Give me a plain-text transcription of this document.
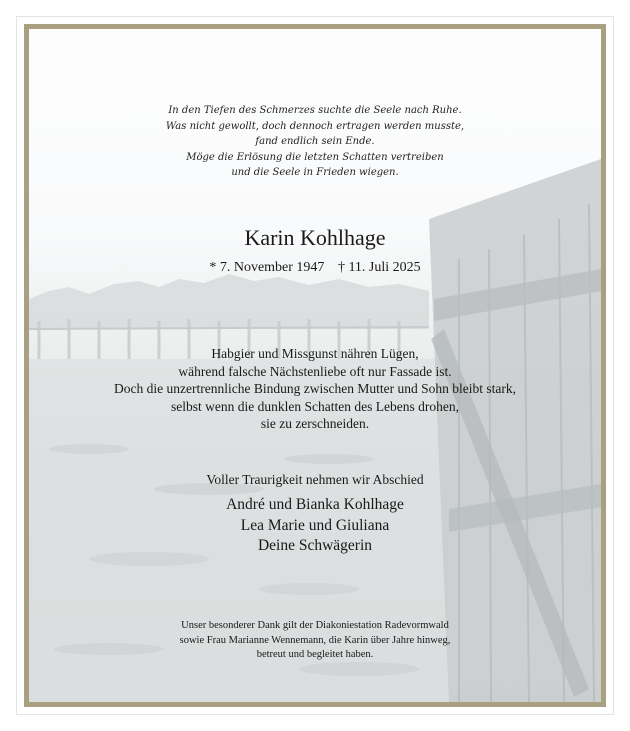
In den Tiefen des Schmerzes suchte die Seele nach Ruhe.
Was nicht gewollt, doch dennoch ertragen werden musste,
fand endlich sein Ende.
Möge die Erlösung die letzten Schatten vertreiben
und die Seele in Frieden wiegen.
Karin Kohlhage
* 7. November 1947 † 11. Juli 2025
Habgier und Missgunst nähren Lügen,
während falsche Nächstenliebe oft nur Fassade ist.
Doch die unzertrennliche Bindung zwischen Mutter und Sohn bleibt stark,
selbst wenn die dunklen Schatten des Lebens drohen,
sie zu zerschneiden.
Voller Traurigkeit nehmen wir Abschied
André und Bianka Kohlhage
Lea Marie und Giuliana
Deine Schwägerin
Unser besonderer Dank gilt der Diakoniestation Radevormwald
sowie Frau Marianne Wennemann, die Karin über Jahre hinweg,
betreut und begleitet haben.
